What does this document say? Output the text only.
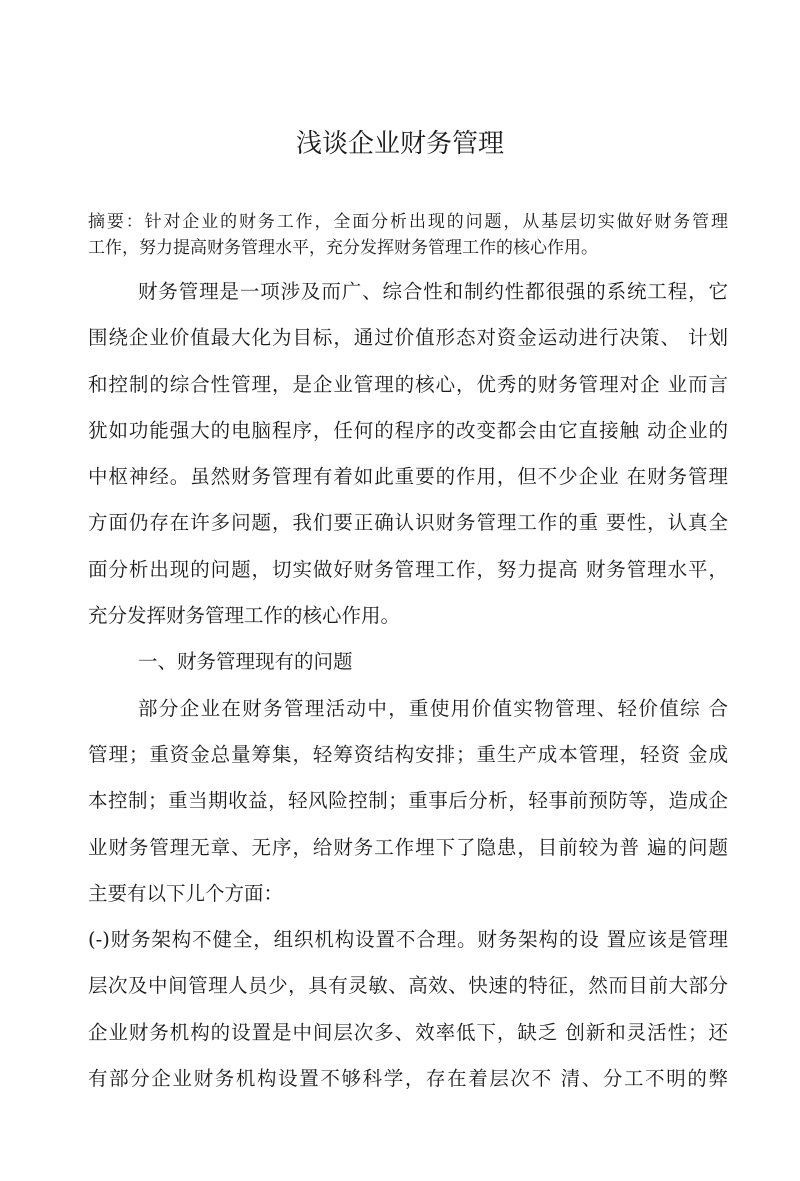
浅谈企业财务管理
摘要：针对企业的财务工作，全面分析出现的问题，从基层切实做好财务管理
工作，努力提高财务管理水平，充分发挥财务管理工作的核心作用。

财务管理是一项涉及而广、综合性和制约性都很强的系统工程，它

围绕企业价值最大化为目标，通过价值形态对资金运动进行决策、 计划

和控制的综合性管理，是企业管理的核心，优秀的财务管理对企 业而言

犹如功能强大的电脑程序，任何的程序的改变都会由它直接触 动企业的

中枢神经。虽然财务管理有着如此重要的作用，但不少企业 在财务管理

方面仍存在许多问题，我们要正确认识财务管理工作的重 要性，认真全

面分析出现的问题，切实做好财务管理工作，努力提高 财务管理水平，

充分发挥财务管理工作的核心作用。

一、财务管理现有的问题

部分企业在财务管理活动中，重使用价值实物管理、轻价值综 合

管理；重资金总量筹集，轻筹资结构安排；重生产成本管理，轻资 金成

本控制；重当期收益，轻风险控制；重事后分析，轻事前预防等，造成企

业财务管理无章、无序，给财务工作埋下了隐患，目前较为普 遍的问题

主要有以下儿个方面：

(-)财务架构不健全，组织机构设置不合理。财务架构的设 置应该是管理

层次及中间管理人员少，具有灵敏、高效、快速的特征，然而目前大部分

企业财务机构的设置是中间层次多、效率低下，缺乏 创新和灵活性；还

有部分企业财务机构设置不够科学，存在着层次不 清、分工不明的弊
